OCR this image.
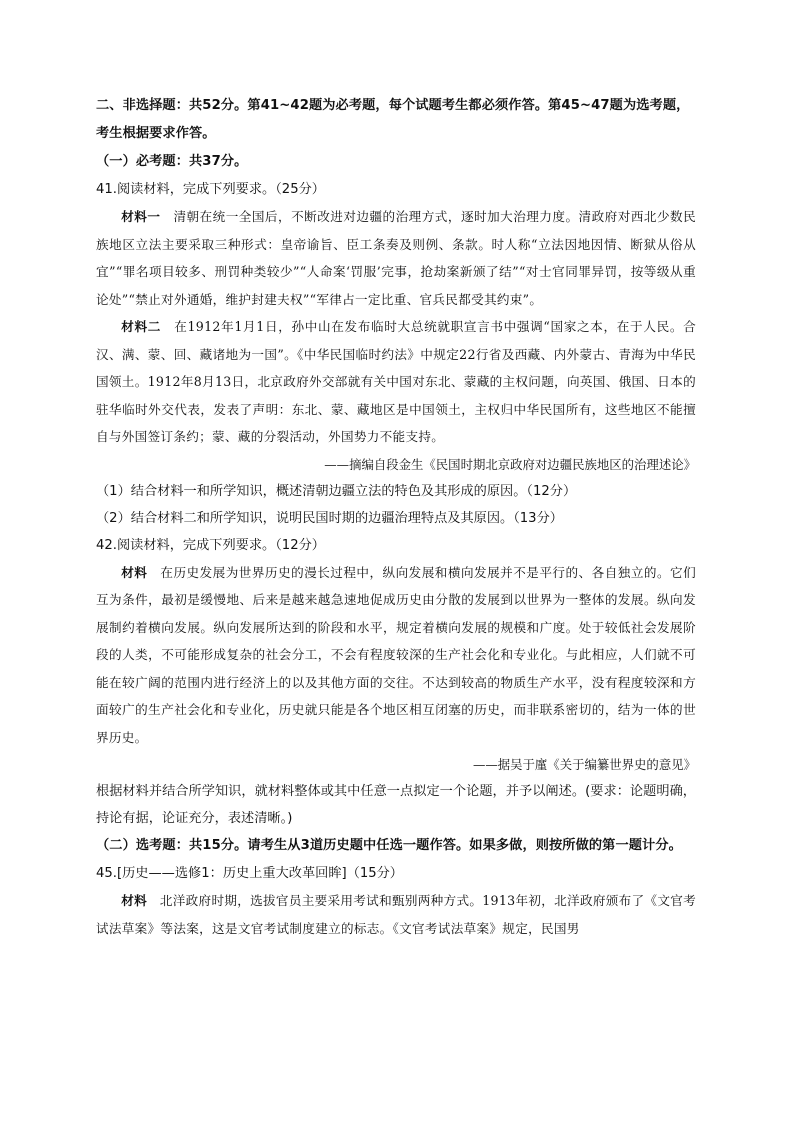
二、非选择题：共52分。第41~42题为必考题，每个试题考生都必须作答。第45~47题为选考题，考生根据要求作答。
（一）必考题：共37分。
41.阅读材料，完成下列要求。（25分）

材料一　清朝在统一全国后，不断改进对边疆的治理方式，逐时加大治理力度。清政府对西北少数民族地区立法主要采取三种形式：皇帝谕旨、臣工条奏及则例、条款。时人称“立法因地因情、断狱从俗从宜”“罪名项目较多、刑罚种类较少”“人命案‘罚服’完事，抢劫案新颁了结”“对士官同罪异罚，按等级从重论处”“禁止对外通婚，维护封建夫权”“军律占一定比重、官兵民都受其约束”。

材料二　在1912年1月1日，孙中山在发布临时大总统就职宣言书中强调“国家之本，在于人民。合汉、满、蒙、回、藏诸地为一国”。《中华民国临时约法》中规定22行省及西藏、内外蒙古、青海为中华民国领土。1912年8月13日，北京政府外交部就有关中国对东北、蒙藏的主权问题，向英国、俄国、日本的驻华临时外交代表，发表了声明：东北、蒙、藏地区是中国领土，主权归中华民国所有，这些地区不能擅自与外国签订条约；蒙、藏的分裂活动，外国势力不能支持。

——摘编自段金生《民国时期北京政府对边疆民族地区的治理述论》

（1）结合材料一和所学知识，概述清朝边疆立法的特色及其形成的原因。（12分）

（2）结合材料二和所学知识，说明民国时期的边疆治理特点及其原因。（13分）

42.阅读材料，完成下列要求。（12分）

材料　在历史发展为世界历史的漫长过程中，纵向发展和横向发展并不是平行的、各自独立的。它们互为条件，最初是缓慢地、后来是越来越急速地促成历史由分散的发展到以世界为一整体的发展。纵向发展制约着横向发展。纵向发展所达到的阶段和水平，规定着横向发展的规模和广度。处于较低社会发展阶段的人类，不可能形成复杂的社会分工，不会有程度较深的生产社会化和专业化。与此相应，人们就不可能在较广阔的范围内进行经济上的以及其他方面的交往。不达到较高的物质生产水平，没有程度较深和方面较广的生产社会化和专业化，历史就只能是各个地区相互闭塞的历史，而非联系密切的，结为一体的世界历史。

——据吴于廑《关于编纂世界史的意见》

根据材料并结合所学知识，就材料整体或其中任意一点拟定一个论题，并予以阐述。(要求：论题明确，持论有据，论证充分，表述清晰。)

（二）选考题：共15分。请考生从3道历史题中任选一题作答。如果多做，则按所做的第一题计分。
45.[历史——选修1：历史上重大改革回眸]（15分）

材料　北洋政府时期，选拔官员主要采用考试和甄别两种方式。1913年初，北洋政府颁布了《文官考试法草案》等法案，这是文官考试制度建立的标志。《文官考试法草案》规定，民国男
